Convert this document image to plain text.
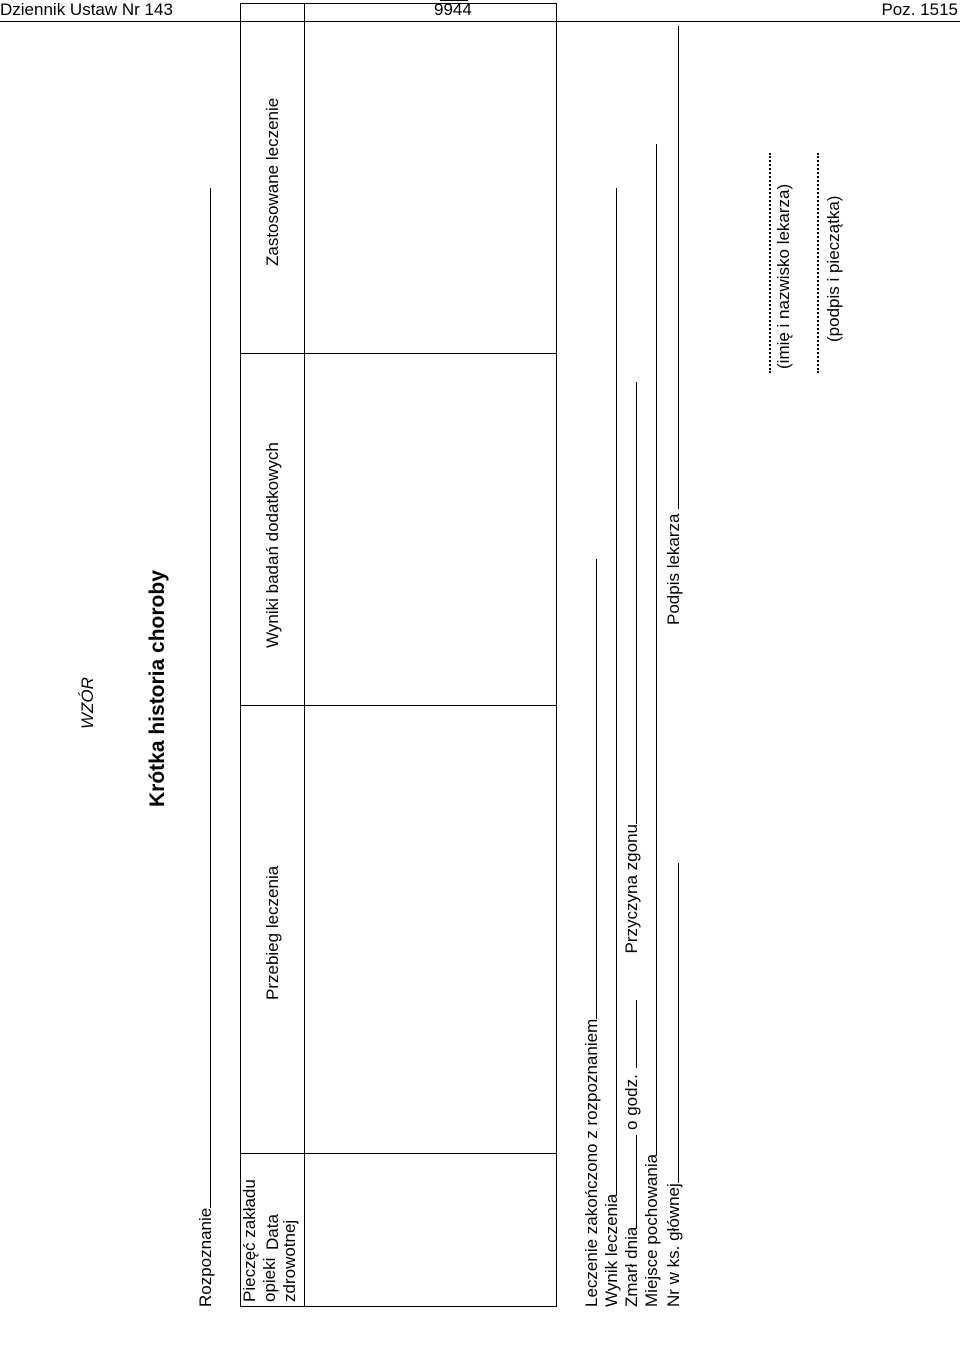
Dziennik Ustaw Nr 143	9944	Poz. 1515
WZÓR Krótka historia choroby
Rozpoznanie Pieczęć zakładu opieki zdrowotnej
Data
Przebieg leczenia
Wyniki badań dodatkowych
Zastosowane leczenie
Leczenie zakończono z rozpoznaniem Wynik leczenia Zmarł dnia o godz. Przyczyna zgonu
Miejsce pochowania Nr w ks. głównej
Podpis lekarza
(imię i nazwisko lekarza) (podpis i pieczątka)
